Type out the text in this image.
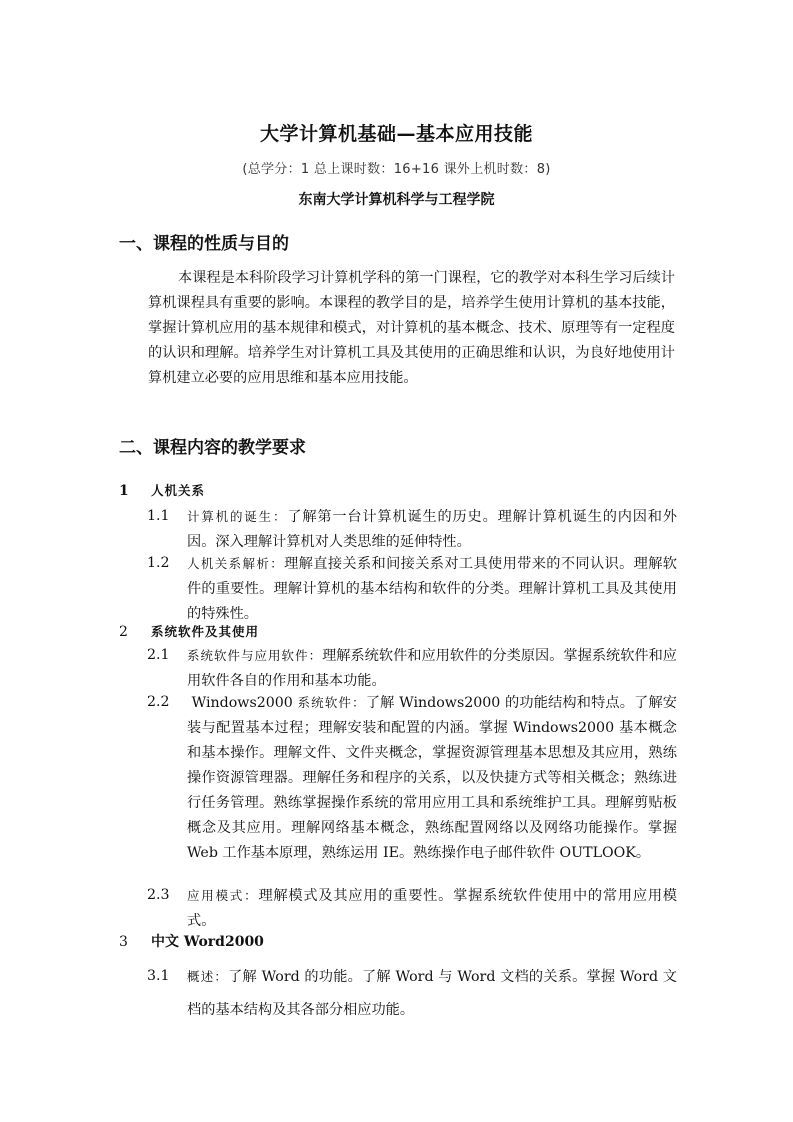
大学计算机基础—基本应用技能
(总学分：1 总上课时数：16+16 课外上机时数：8)
东南大学计算机科学与工程学院
一、课程的性质与目的
本课程是本科阶段学习计算机学科的第一门课程，它的教学对本科生学习后续计算机课程具有重要的影响。本课程的教学目的是，培养学生使用计算机的基本技能，掌握计算机应用的基本规律和模式，对计算机的基本概念、技术、原理等有一定程度的认识和理解。培养学生对计算机工具及其使用的正确思维和认识，为良好地使用计算机建立必要的应用思维和基本应用技能。
二、课程内容的教学要求
1 人机关系
1.1	计算机的诞生：了解第一台计算机诞生的历史。理解计算机诞生的内因和外因。深入理解计算机对人类思维的延伸特性。
1.2	人机关系解析：理解直接关系和间接关系对工具使用带来的不同认识。理解软件的重要性。理解计算机的基本结构和软件的分类。理解计算机工具及其使用的特殊性。
2 系统软件及其使用
2.1	系统软件与应用软件：理解系统软件和应用软件的分类原因。掌握系统软件和应用软件各自的作用和基本功能。
2.2	Windows2000 系统软件：了解 Windows2000 的功能结构和特点。了解安装与配置基本过程；理解安装和配置的内涵。掌握 Windows2000 基本概念和基本操作。理解文件、文件夹概念，掌握资源管理基本思想及其应用，熟练操作资源管理器。理解任务和程序的关系，以及快捷方式等相关概念；熟练进行任务管理。熟练掌握操作系统的常用应用工具和系统维护工具。理解剪贴板概念及其应用。理解网络基本概念，熟练配置网络以及网络功能操作。掌握 Web 工作基本原理，熟练运用 IE。熟练操作电子邮件软件 OUTLOOK。
2.3	应用模式：理解模式及其应用的重要性。掌握系统软件使用中的常用应用模式。
3 中文 Word2000
3.1	概述：了解 Word 的功能。了解 Word 与 Word 文档的关系。掌握 Word 文档的基本结构及其各部分相应功能。
